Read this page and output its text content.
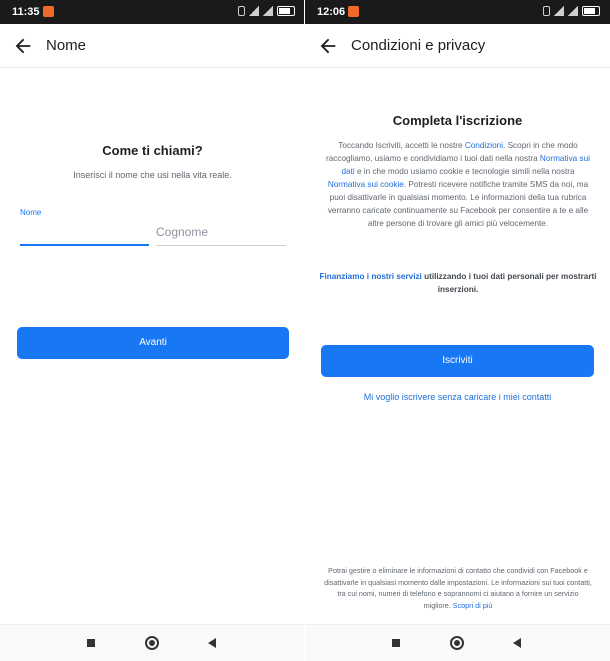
11:35
Nome
Come ti chiami?
Inserisci il nome che usi nella vita reale.
Nome
Cognome
Avanti
12:06
Condizioni e privacy
Completa l'iscrizione
Toccando Iscriviti, accetti le nostre Condizioni. Scopri in che modo raccogliamo, usiamo e condividiamo i tuoi dati nella nostra Normativa sui dati e in che modo usiamo cookie e tecnologie simili nella nostra Normativa sui cookie. Potresti ricevere notifiche tramite SMS da noi, ma puoi disattivarle in qualsiasi momento. Le informazioni della tua rubrica verranno caricate continuamente su Facebook per consentire a te e alle altre persone di trovare gli amici più velocemente.
Finanziamo i nostri servizi utilizzando i tuoi dati personali per mostrarti inserzioni.
Iscriviti
Mi voglio iscrivere senza caricare i miei contatti
Potrai gestire o eliminare le informazioni di contatto che condividi con Facebook e disattivarle in qualsiasi momento dalle impostazioni. Le informazioni sui tuoi contatti, tra cui nomi, numeri di telefono e soprannomi ci aiutano a fornire un servizio migliore. Scopri di più
